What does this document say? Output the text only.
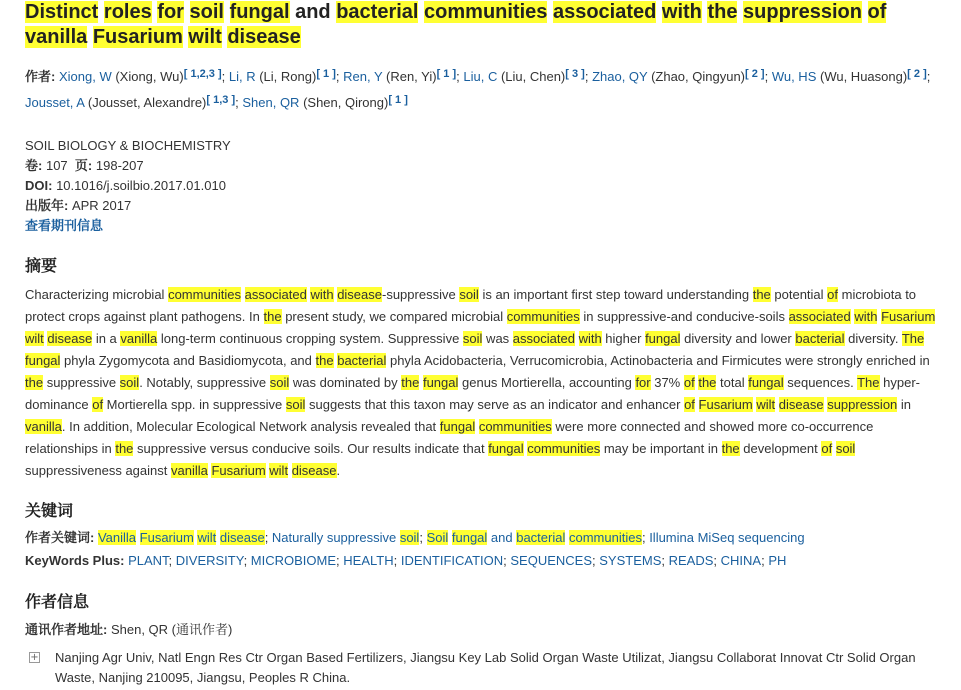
Distinct roles for soil fungal and bacterial communities associated with the suppression of vanilla Fusarium wilt disease

作者: Xiong, W (Xiong, Wu)[ 1,2,3 ]; Li, R (Li, Rong)[ 1 ]; Ren, Y (Ren, Yi)[ 1 ]; Liu, C (Liu, Chen)[ 3 ]; Zhao, QY (Zhao, Qingyun)[ 2 ]; Wu, HS (Wu, Huasong)[ 2 ]; Jousset, A (Jousset, Alexandre)[ 1,3 ]; Shen, QR (Shen, Qirong)[ 1 ]

SOIL BIOLOGY & BIOCHEMISTRY
卷: 107 页: 198-207
DOI: 10.1016/j.soilbio.2017.01.010
出版年: APR 2017
查看期刊信息
摘要

Characterizing microbial communities associated with disease-suppressive soil is an important first step toward understanding the potential of microbiota to protect crops against plant pathogens. In the present study, we compared microbial communities in suppressive-and conducive-soils associated with Fusarium wilt disease in a vanilla long-term continuous cropping system. Suppressive soil was associated with higher fungal diversity and lower bacterial diversity. The fungal phyla Zygomycota and Basidiomycota, and the bacterial phyla Acidobacteria, Verrucomicrobia, Actinobacteria and Firmicutes were strongly enriched in the suppressive soil. Notably, suppressive soil was dominated by the fungal genus Mortierella, accounting for 37% of the total fungal sequences. The hyper-dominance of Mortierella spp. in suppressive soil suggests that this taxon may serve as an indicator and enhancer of Fusarium wilt disease suppression in vanilla. In addition, Molecular Ecological Network analysis revealed that fungal communities were more connected and showed more co-occurrence relationships in the suppressive versus conducive soils. Our results indicate that fungal communities may be important in the development of soil suppressiveness against vanilla Fusarium wilt disease.

关键词

作者关键词: Vanilla Fusarium wilt disease; Naturally suppressive soil; Soil fungal and bacterial communities; Illumina MiSeq sequencing

KeyWords Plus: PLANT; DIVERSITY; MICROBIOME; HEALTH; IDENTIFICATION; SEQUENCES; SYSTEMS; READS; CHINA; PH

作者信息

通讯作者地址: Shen, QR (通讯作者)

+ Nanjing Agr Univ, Natl Engn Res Ctr Organ Based Fertilizers, Jiangsu Key Lab Solid Organ Waste Utilizat, Jiangsu Collaborat Innovat Ctr Solid Organ Waste, Nanjing 210095, Jiangsu, Peoples R China.
